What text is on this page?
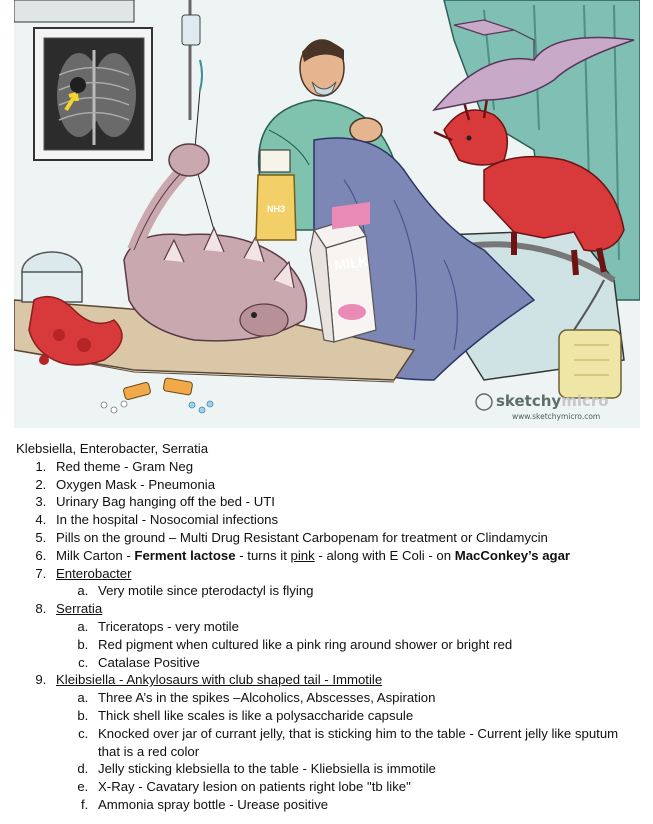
NH3
MILK
sketchymicro
www.sketchymicro.com
Klebsiella, Enterobacter, Serratia
1. Red theme - Gram Neg
2. Oxygen Mask - Pneumonia
3. Urinary Bag hanging off the bed - UTI
4. In the hospital - Nosocomial infections
5. Pills on the ground – Multi Drug Resistant Carbopenam for treatment or Clindamycin
6. Milk Carton - Ferment lactose - turns it pink - along with E Coli - on MacConkey’s agar
7. Enterobacter
a. Very motile since pterodactyl is flying
8. Serratia
a. Triceratops - very motile
b. Red pigment when cultured like a pink ring around shower or bright red
c. Catalase Positive
9. Kleibsiella - Ankylosaurs with club shaped tail - Immotile
a. Three A’s in the spikes –Alcoholics, Abscesses, Aspiration
b. Thick shell like scales is like a polysaccharide capsule
c. Knocked over jar of currant jelly, that is sticking him to the table - Current jelly like sputum that is a red color
d. Jelly sticking klebsiella to the table - Kliebsiella is immotile
e. X-Ray - Cavatary lesion on patients right lobe "tb like"
f. Ammonia spray bottle - Urease positive
